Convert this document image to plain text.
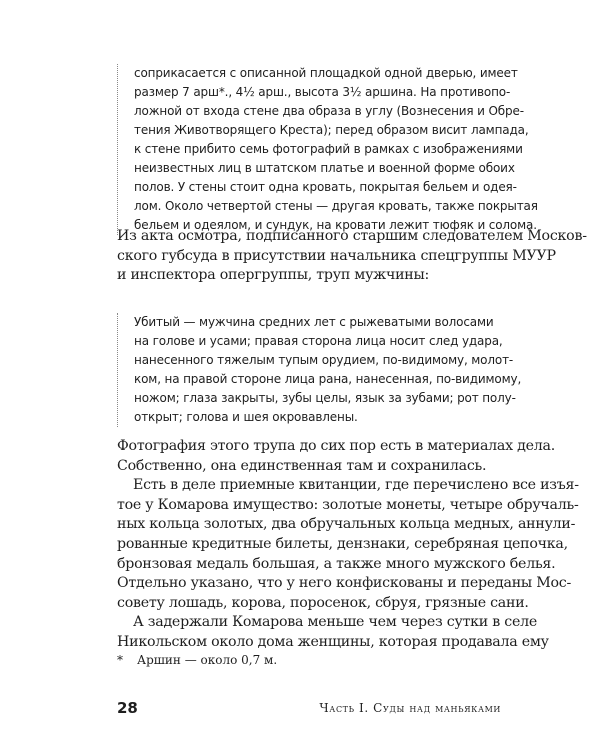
соприкасается с описанной площадкой одной дверью, имеет
размер 7 арш*., 4½ арш., высота 3½ аршина. На противопо-
ложной от входа стене два образа в углу (Вознесения и Обре-
тения Животворящего Креста); перед образом висит лампада,
к стене прибито семь фотографий в рамках с изображениями
неизвестных лиц в штатском платье и военной форме обоих
полов. У стены стоит одна кровать, покрытая бельем и одея-
лом. Около четвертой стены — другая кровать, также покрытая
бельем и одеялом, и сундук, на кровати лежит тюфяк и солома.
Из акта осмотра, подписанного старшим следователем Москов-
ского губсуда в присутствии начальника спецгруппы МУУР
и инспектора опергруппы, труп мужчины:
Убитый — мужчина средних лет с рыжеватыми волосами
на голове и усами; правая сторона лица носит след удара,
нанесенного тяжелым тупым орудием, по-видимому, молот-
ком, на правой стороне лица рана, нанесенная, по-видимому,
ножом; глаза закрыты, зубы целы, язык за зубами; рот полу-
открыт; голова и шея окровавлены.
Фотография этого трупа до сих пор есть в материалах дела.
Собственно, она единственная там и сохранилась.
Есть в деле приемные квитанции, где перечислено все изъя-
тое у Комарова имущество: золотые монеты, четыре обручаль-
ных кольца золотых, два обручальных кольца медных, аннули-
рованные кредитные билеты, дензнаки, серебряная цепочка,
бронзовая медаль большая, а также много мужского белья.
Отдельно указано, что у него конфискованы и переданы Мос-
совету лошадь, корова, поросенок, сбруя, грязные сани.
А задержали Комарова меньше чем через сутки в селе
Никольском около дома женщины, которая продавала ему
* Аршин — около 0,7 м.
28	Часть I. Суды над маньяками
